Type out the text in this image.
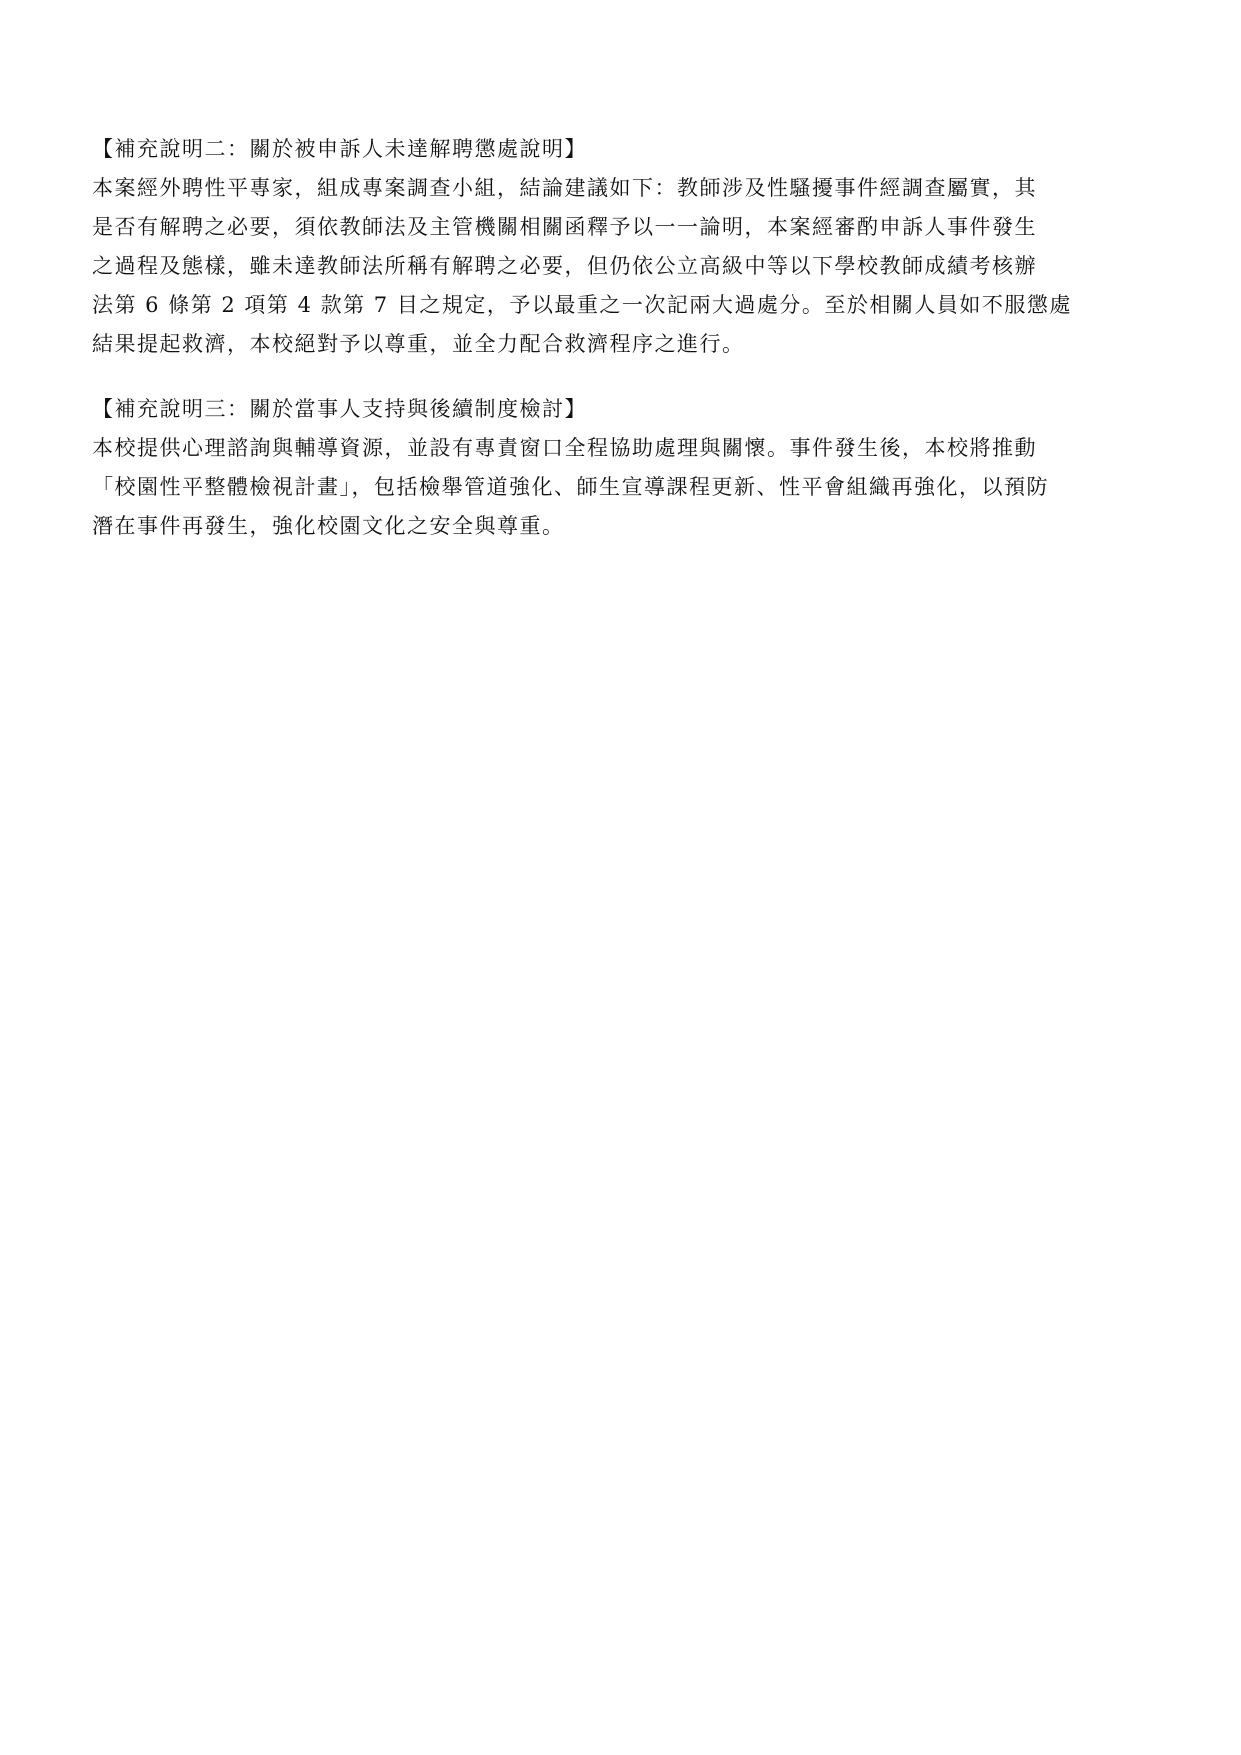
【補充說明二：關於被申訴人未達解聘懲處說明】
本案經外聘性平專家，組成專案調查小組，結論建議如下：教師涉及性騷擾事件經調查屬實，其
是否有解聘之必要，須依教師法及主管機關相關函釋予以一一論明，本案經審酌申訴人事件發生
之過程及態樣，雖未達教師法所稱有解聘之必要，但仍依公立高級中等以下學校教師成績考核辦
法第 6 條第 2 項第 4 款第 7 目之規定，予以最重之一次記兩大過處分。至於相關人員如不服懲處
結果提起救濟，本校絕對予以尊重，並全力配合救濟程序之進行。
【補充說明三：關於當事人支持與後續制度檢討】
本校提供心理諮詢與輔導資源，並設有專責窗口全程協助處理與關懷。事件發生後，本校將推動
「校園性平整體檢視計畫」，包括檢舉管道強化、師生宣導課程更新、性平會組織再強化，以預防
潛在事件再發生，強化校園文化之安全與尊重。
